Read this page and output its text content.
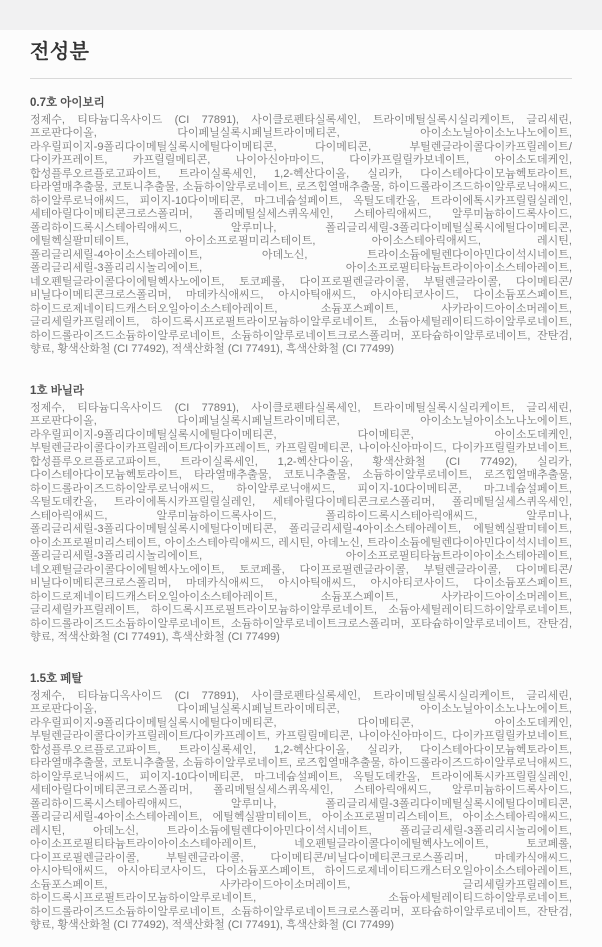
전성분
0.7호 아이보리

정제수, 티타늄디옥사이드 (CI 77891), 사이클로펜타실록세인, 트라이메틸실록시실리케이트, 글리세린, 프로판다이올, 다이페닐실록시페닐트라이메티콘, 아이소노닐아이소노나노에이트, 라우릴피이지-9폴리다이메틸실록시에틸다이메티콘, 다이메티콘, 부틸렌글라이콜다이카프릴레이트/다이카프레이트, 카프릴릴메티콘, 나이아신아마이드, 다이카프릴릴카보네이트, 아이소도데케인, 합성플루오르플로고파이트, 트라이실록세인, 1,2-헥산다이올, 실리카, 다이스테아다이모늄헥토라이트, 타라열매추출물, 코토니추출물, 소듐하이알루로네이트, 로즈힙열매추출물, 하이드롤라이즈드하이알루로닉애씨드, 하이알루로닉애씨드, 피이지-10다이메티콘, 마그네슘설페이트, 옥틸도데칸올, 트라이에톡시카프릴릴실레인, 세테아릴다이메티콘크로스폴리머, 폴리메틸실세스퀴옥세인, 스테아릭애씨드, 알루미늄하이드록사이드, 폴리하이드록시스테아릭애씨드, 알루미나, 폴리글리세릴-3폴리다이메틸실록시에틸다이메티콘, 에틸헥실팔미테이트, 아이소프로필미리스테이트, 아이소스테아릭애씨드, 레시틴, 폴리글리세릴-4아이소스테아레이트, 아데노신, 트라이소듐에틸렌다이아민다이석시네이트, 폴리글리세릴-3폴리리시놀리에이트, 아이소프로필티타늄트라이아이소스테아레이트, 네오펜틸글라이콜다이에틸헥사노에이트, 토코페롤, 다이프로필렌글라이콜, 부틸렌글라이콜, 다이메티콘/비닐다이메티콘크로스폴리머, 마데카식애씨드, 아시아틱애씨드, 아시아티코사이드, 다이소듐포스페이트, 하이드로제네이티드캐스터오일아이소스테아레이트, 소듐포스페이트, 사카라이드아이소머레이트, 글리세릴카프릴레이트, 하이드록시프로필트라이모늄하이알루로네이트, 소듐아세틸레이티드하이알루로네이트, 하이드롤라이즈드소듐하이알루로네이트, 소듐하이알루로네이트크로스폴리머, 포타슘하이알루로네이트, 잔탄검, 향료, 황색산화철 (CI 77492), 적색산화철 (CI 77491), 흑색산화철 (CI 77499)

1호 바닐라

정제수, 티타늄디옥사이드 (CI 77891), 사이클로펜타실록세인, 트라이메틸실록시실리케이트, 글리세린, 프로판다이올, 다이페닐실록시페닐트라이메티콘, 아이소노닐아이소노나노에이트, 라우릴피이지-9폴리다이메틸실록시에틸다이메티콘, 다이메티콘, 아이소도데케인, 부틸렌글라이콜다이카프릴레이트/다이카프레이트, 카프릴릴메티콘, 나이아신아마이드, 다이카프릴릴카보네이트, 합성플루오르플로고파이트, 트라이실록세인, 1,2-헥산다이올, 황색산화철 (CI 77492), 실리카, 다이스테아다이모늄헥토라이트, 타라열매추출물, 코토니추출물, 소듐하이알루로네이트, 로즈힙열매추출물, 하이드롤라이즈드하이알루로닉애씨드, 하이알루로닉애씨드, 피이지-10다이메티콘, 마그네슘설페이트, 옥틸도데칸올, 트라이에톡시카프릴릴실레인, 세테아릴다이메티콘크로스폴리머, 폴리메틸실세스퀴옥세인, 스테아릭애씨드, 알루미늄하이드록사이드, 폴리하이드록시스테아릭애씨드, 알루미나, 폴리글리세릴-3폴리다이메틸실록시에틸다이메티콘, 폴리글리세릴-4아이소스테아레이트, 에틸헥실팔미테이트, 아이소프로필미리스테이트, 아이소스테아릭애씨드, 레시틴, 아데노신, 트라이소듐에틸렌다이아민다이석시네이트, 폴리글리세릴-3폴리리시놀리에이트, 아이소프로필티타늄트라이아이소스테아레이트, 네오펜틸글라이콜다이에틸헥사노에이트, 토코페롤, 다이프로필렌글라이콜, 부틸렌글라이콜, 다이메티콘/비닐다이메티콘크로스폴리머, 마데카식애씨드, 아시아틱애씨드, 아시아티코사이드, 다이소듐포스페이트, 하이드로제네이티드캐스터오일아이소스테아레이트, 소듐포스페이트, 사카라이드아이소머레이트, 글리세릴카프릴레이트, 하이드록시프로필트라이모늄하이알루로네이트, 소듐아세틸레이티드하이알루로네이트, 하이드롤라이즈드소듐하이알루로네이트, 소듐하이알루로네이트크로스폴리머, 포타슘하이알루로네이트, 잔탄검, 향료, 적색산화철 (CI 77491), 흑색산화철 (CI 77499)

1.5호 페탈

정제수, 티타늄디옥사이드 (CI 77891), 사이클로펜타실록세인, 트라이메틸실록시실리케이트, 글리세린, 프로판다이올, 다이페닐실록시페닐트라이메티콘, 아이소노닐아이소노나노에이트, 라우릴피이지-9폴리다이메틸실록시에틸다이메티콘, 다이메티콘, 아이소도데케인, 부틸렌글라이콜다이카프릴레이트/다이카프레이트, 카프릴릴메티콘, 나이아신아마이드, 다이카프릴릴카보네이트, 합성플루오르플로고파이트, 트라이실록세인, 1,2-헥산다이올, 실리카, 다이스테아다이모늄헥토라이트, 타라열매추출물, 코토니추출물, 소듐하이알루로네이트, 로즈힙열매추출물, 하이드롤라이즈드하이알루로닉애씨드, 하이알루로닉애씨드, 피이지-10다이메티콘, 마그네슘설페이트, 옥틸도데칸올, 트라이에톡시카프릴릴실레인, 세테아릴다이메티콘크로스폴리머, 폴리메틸실세스퀴옥세인, 스테아릭애씨드, 알루미늄하이드록사이드, 폴리하이드록시스테아릭애씨드, 알루미나, 폴리글리세릴-3폴리다이메틸실록시에틸다이메티콘, 폴리글리세릴-4아이소스테아레이트, 에틸헥실팔미테이트, 아이소프로필미리스테이트, 아이소스테아릭애씨드, 레시틴, 아데노신, 트라이소듐에틸렌다이아민다이석시네이트, 폴리글리세릴-3폴리리시놀리에이트, 아이소프로필티타늄트라이아이소스테아레이트, 네오펜틸글라이콜다이에틸헥사노에이트, 토코페롤, 다이프로필렌글라이콜, 부틸렌글라이콜, 다이메티콘/비닐다이메티콘크로스폴리머, 마데카식애씨드, 아시아틱애씨드, 아시아티코사이드, 다이소듐포스페이트, 하이드로제네이티드캐스터오일아이소스테아레이트, 소듐포스페이트, 사카라이드아이소머레이트, 글리세릴카프릴레이트, 하이드록시프로필트라이모늄하이알루로네이트, 소듐아세틸레이티드하이알루로네이트, 하이드롤라이즈드소듐하이알루로네이트, 소듐하이알루로네이트크로스폴리머, 포타슘하이알루로네이트, 잔탄검, 향료, 황색산화철 (CI 77492), 적색산화철 (CI 77491), 흑색산화철 (CI 77499)
